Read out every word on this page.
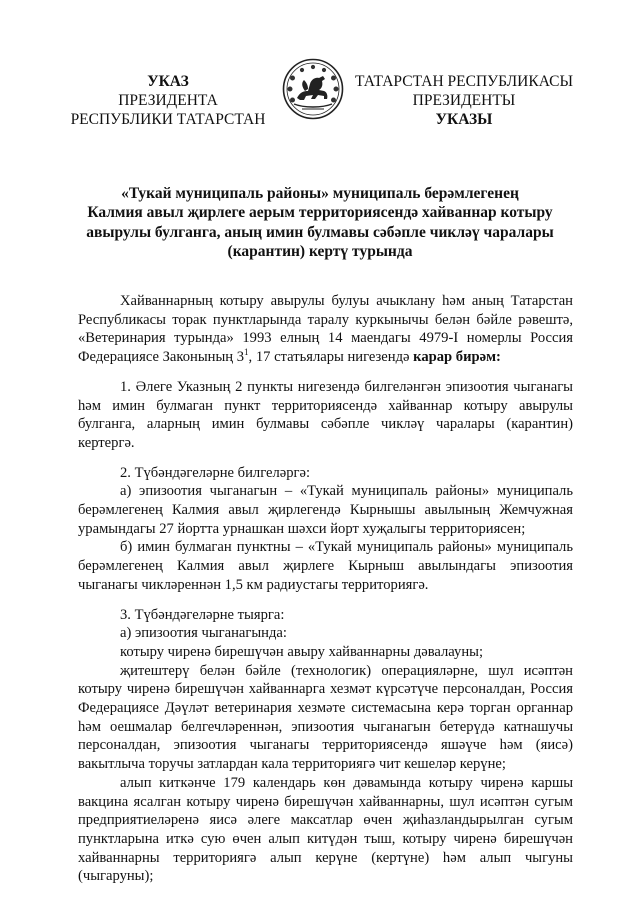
УКАЗ
ПРЕЗИДЕНТА
РЕСПУБЛИКИ ТАТАРСТАН
ТАТАРСТАН РЕСПУБЛИКАСЫ
ПРЕЗИДЕНТЫ
УКАЗЫ
«Тукай муниципаль районы» муниципаль берәмлегенең
Калмия авыл җирлеге аерым территориясендә хайваннар котыру
авырулы булганга, аның имин булмавы сәбәпле чикләү чаралары
(карантин) кертү турында

Хайваннарның котыру авырулы булуы ачыклану һәм аның Татарстан Республикасы торак пунктларында таралу куркынычы белән бәйле рәвештә, «Ветеринария турында» 1993 елның 14 маендагы 4979-I номерлы Россия Федерациясе Законының $3^1$, 17 статьялары нигезендә карар бирәм:

1. Әлеге Указның 2 пункты нигезендә билгеләнгән эпизоотия чыганагы һәм имин булмаган пункт территориясендә хайваннар котыру авырулы булганга, аларның имин булмавы сәбәпле чикләү чаралары (карантин) кертергә.

2. Түбәндәгеләрне билгеләргә:

а) эпизоотия чыганагын – «Тукай муниципаль районы» муниципаль берәмлегенең Калмия авыл җирлегендә Кырнышы авылының Жемчужная урамындагы 27 йортта урнашкан шәхси йорт хуҗалыгы территориясен;

б) имин булмаган пунктны – «Тукай муниципаль районы» муниципаль берәмлегенең Калмия авыл җирлеге Кырныш авылындагы эпизоотия чыганагы чикләреннән 1,5 км радиустагы территориягә.

3. Түбәндәгеләрне тыярга:

а) эпизоотия чыганагында:

котыру чиренә бирешүчән авыру хайваннарны дәвалауны;

җитештерү белән бәйле (технологик) операцияләрне, шул исәптән котыру чиренә бирешүчән хайваннарга хезмәт күрсәтүче персоналдан, Россия Федерациясе Дәүләт ветеринария хезмәте системасына керә торган органнар һәм оешмалар белгечләреннән, эпизоотия чыганагын бетерүдә катнашучы персоналдан, эпизоотия чыганагы территориясендә яшәүче һәм (яисә) вакытлыча торучы затлардан кала территориягә чит кешеләр керүне;

алып киткәнче 179 календарь көн дәвамында котыру чиренә каршы вакцина ясалган котыру чиренә бирешүчән хайваннарны, шул исәптән сугым предприятиеләренә яисә әлеге максатлар өчен җиһазландырылган сугым пунктларына иткә сую өчен алып китүдән тыш, котыру чиренә бирешүчән хайваннарны территориягә алып керүне (кертүне) һәм алып чыгуны (чыгаруны);
